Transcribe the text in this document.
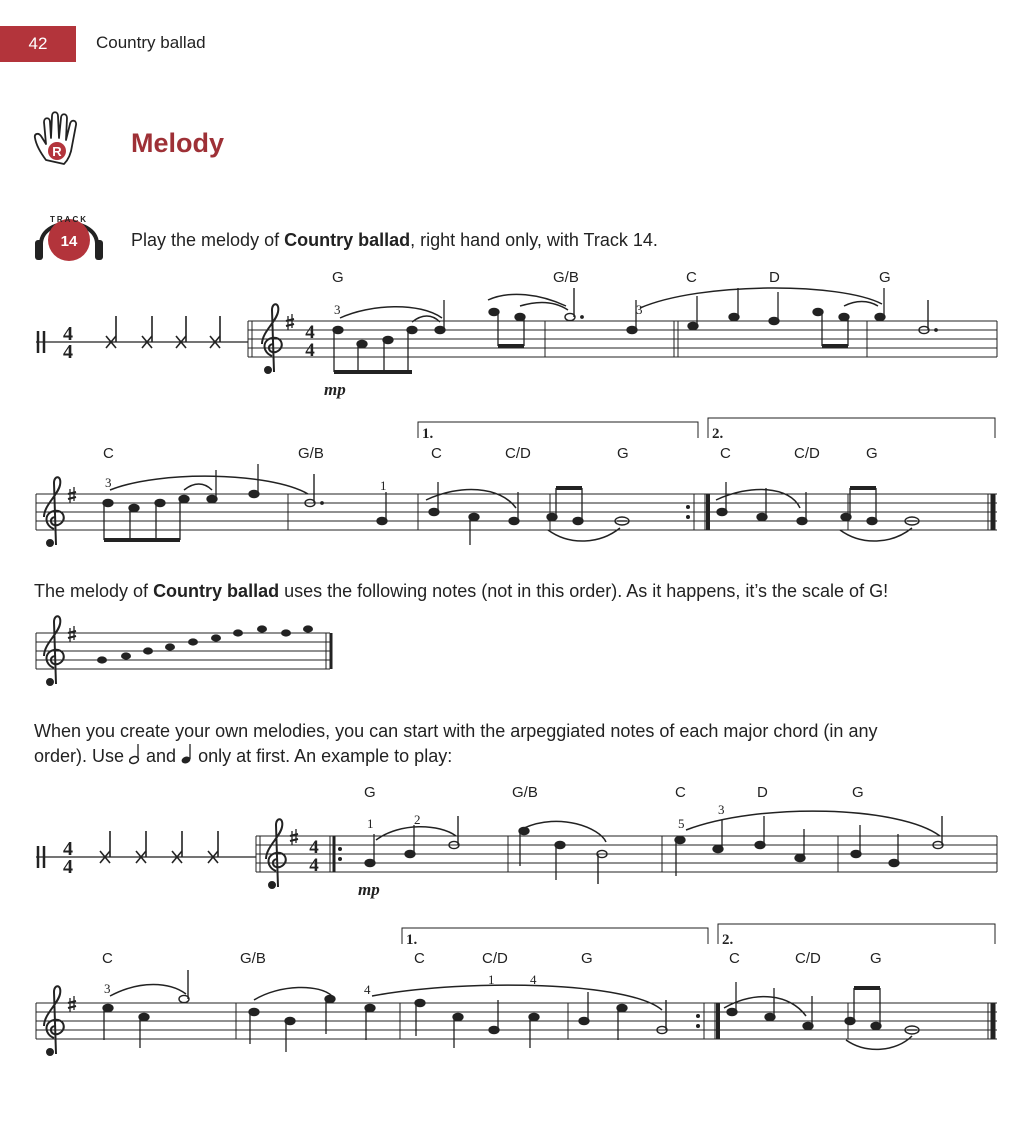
42	Country ballad
R	Melody
TRACK
14	Play the melody of Country ballad, right hand only, with Track 14.
The melody of Country ballad uses the following notes (not in this order). As it happens, it’s the scale of G!
When you create your own melodies, you can start with the arpeggiated notes of each major chord (in any
order). Use  and  only at first. An example to play:
4
4
4
4
4
4
4
4
G	G/B	C	D	G
3	3
mp
C	G/B	C	C/D	G	C	C/D	G
3	1
1.	2.
G	G/B	C	D	G
1	2	5
3
mp
C	G/B	C	C/D	G	C	C/D	G
3	4
1	4
1.	2.
